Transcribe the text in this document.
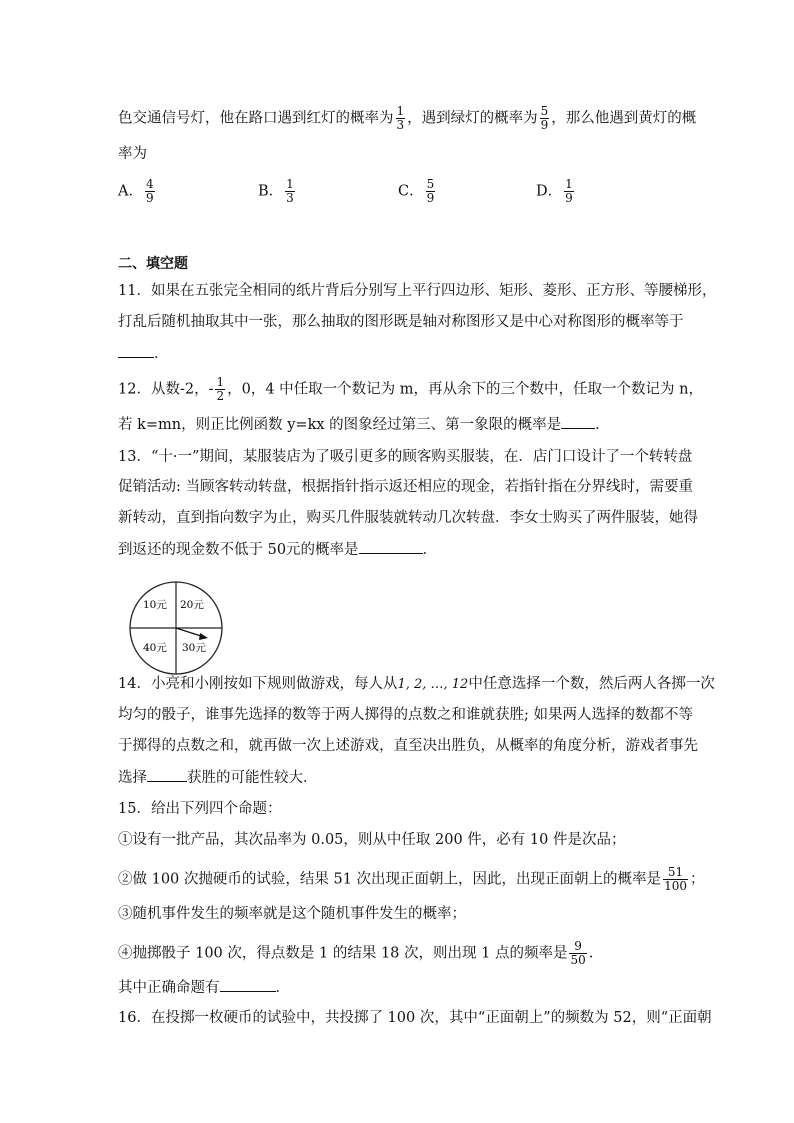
色交通信号灯，他在路口遇到红灯的概率为 $\frac{1}{3}$ ，遇到绿灯的概率为 $\frac{5}{9}$ ，那么他遇到黄灯的概
率为
A． $\frac{4}{9}$	B． $\frac{1}{3}$	C． $\frac{5}{9}$	D． $\frac{1}{9}$
二、填空题
11．如果在五张完全相同的纸片背后分别写上平行四边形、矩形、菱形、正方形、等腰梯形，
打乱后随机抽取其中一张，那么抽取的图形既是轴对称图形又是中心对称图形的概率等于
．
12．从数-2，- $\frac{1}{2}$ ，0，4 中任取一个数记为 m，再从余下的三个数中，任取一个数记为 n，
若 k=mn，则正比例函数 y=kx 的图象经过第三、第一象限的概率是 ．
13．“十·一”期间，某服装店为了吸引更多的顾客购买服装，在．店门口设计了一个转转盘
促销活动: 当顾客转动转盘，根据指针指示返还相应的现金，若指针指在分界线时，需要重
新转动，直到指向数字为止，购买几件服装就转动几次转盘．李女士购买了两件服装，她得
到返还的现金数不低于 50元的概率是	．
10元 20元
40元 30元
14．小亮和小刚按如下规则做游戏，每人从1, 2, …, 12中任意选择一个数，然后两人各掷一次
均匀的骰子，谁事先选择的数等于两人掷得的点数之和谁就获胜; 如果两人选择的数都不等
于掷得的点数之和，就再做一次上述游戏，直至决出胜负，从概率的角度分析，游戏者事先
选择	获胜的可能性较大．
15．给出下列四个命题：
①设有一批产品，其次品率为 0.05，则从中任取 200 件，必有 10 件是次品；
②做 100 次抛硬币的试验，结果 51 次出现正面朝上，因此，出现正面朝上的概率是 $\frac{51}{100}$ ；
③随机事件发生的频率就是这个随机事件发生的概率；
④抛掷骰子 100 次，得点数是 1 的结果 18 次，则出现 1 点的频率是 $\frac{9}{50}$ .
其中正确命题有	．
16．在投掷一枚硬币的试验中，共投掷了 100 次，其中“正面朝上”的频数为 52，则“正面朝
